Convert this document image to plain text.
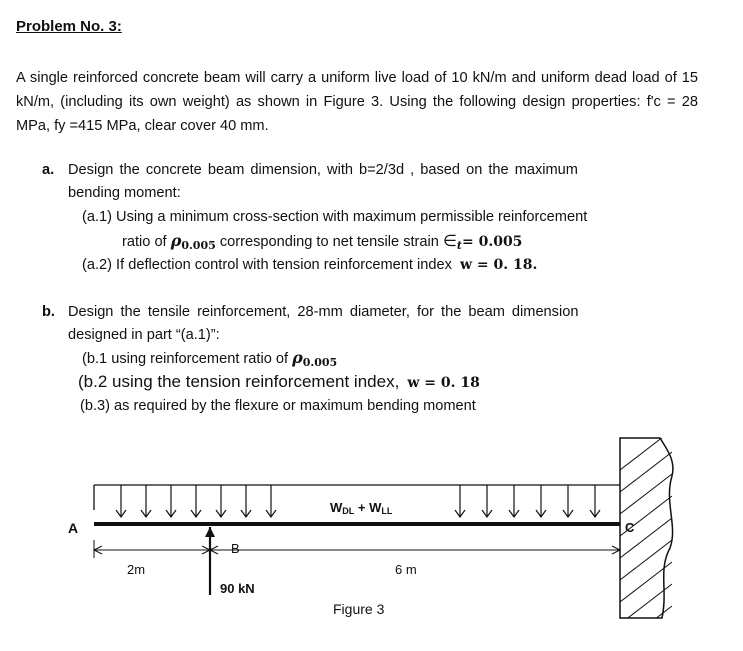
Problem No. 3:
A single reinforced concrete beam will carry a uniform live load of 10 kN/m and uniform dead load of 15 kN/m, (including its own weight) as shown in Figure 3. Using the following design properties: f'c = 28 MPa, fy =415 MPa, clear cover 40 mm.
a. Design the concrete beam dimension, with b=2/3d , based on the maximum
bending moment:
(a.1) Using a minimum cross-section with maximum permissible reinforcement
ratio of $\rho_{0.005}$ corresponding to net tensile strain $\in_t= 0.005$
(a.2) If deflection control with tension reinforcement index w = 0. 18.
b. Design the tensile reinforcement, 28-mm diameter, for the beam dimension
designed in part “(a.1)”:
(b.1 using reinforcement ratio of $\rho_{0.005}$
(b.2 using the tension reinforcement index, w = 0. 18
(b.3) as required by the flexure or maximum bending moment
WDL + WLL
A	C
B
2m	6 m
90 kN
Figure 3
